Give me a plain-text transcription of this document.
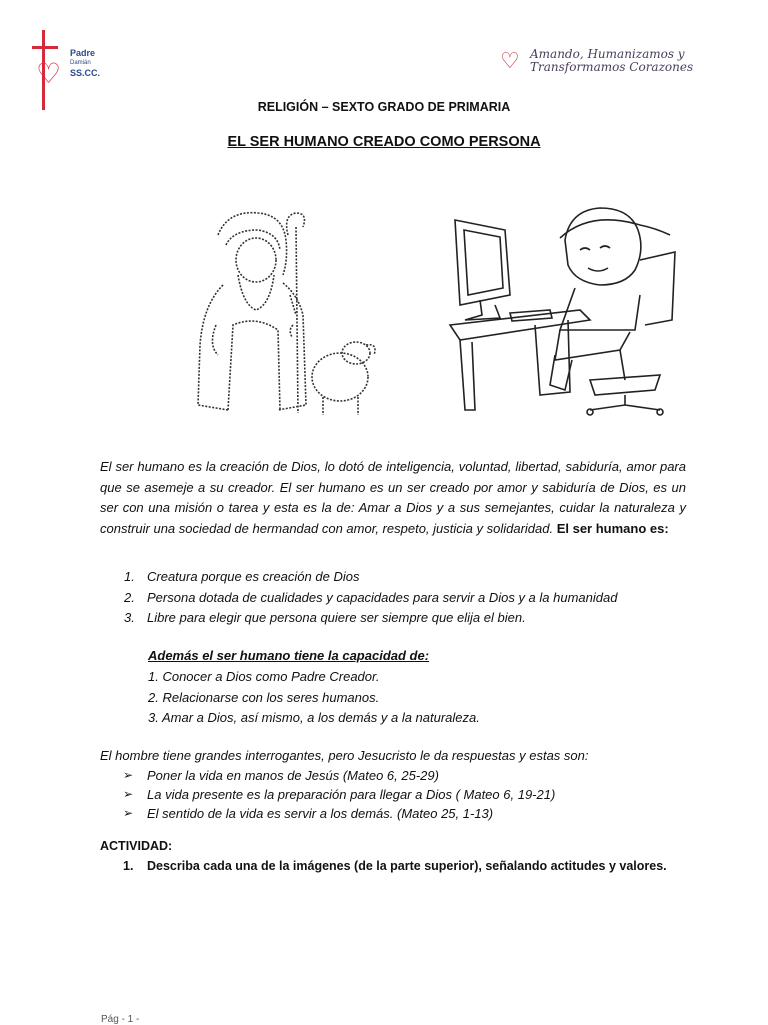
♡
Padre
Damián
SS.CC.	♡ Amando, Humanizamos y
Transformamos Corazones
RELIGIÓN – SEXTO GRADO DE PRIMARIA
EL SER HUMANO CREADO COMO PERSONA
El ser humano es la creación de Dios, lo dotó de inteligencia, voluntad, libertad, sabiduría, amor para que se asemeje a su creador. El ser humano es un ser creado por amor y sabiduría de Dios, es un ser con una misión o tarea y esta es la de: Amar a Dios y a sus semejantes, cuidar la naturaleza y construir una sociedad de hermandad con amor, respeto, justicia y solidaridad. El ser humano es:
1. Creatura porque es creación de Dios
2. Persona dotada de cualidades y capacidades para servir a Dios y a la humanidad
3. Libre para elegir que persona quiere ser siempre que elija el bien.
Además el ser humano tiene la capacidad de:
1. Conocer a Dios como Padre Creador.
2. Relacionarse con los seres humanos.
3. Amar a Dios, así mismo, a los demás y a la naturaleza.
El hombre tiene grandes interrogantes, pero Jesucristo le da respuestas y estas son:
➢	Poner la vida en manos de Jesús (Mateo 6, 25-29)
➢	La vida presente es la preparación para llegar a Dios ( Mateo 6, 19-21)
➢	El sentido de la vida es servir a los demás. (Mateo 25, 1-13)
ACTIVIDAD:
1.	Describa cada una de la imágenes (de la parte superior), señalando actitudes y valores.
Pág - 1 -
